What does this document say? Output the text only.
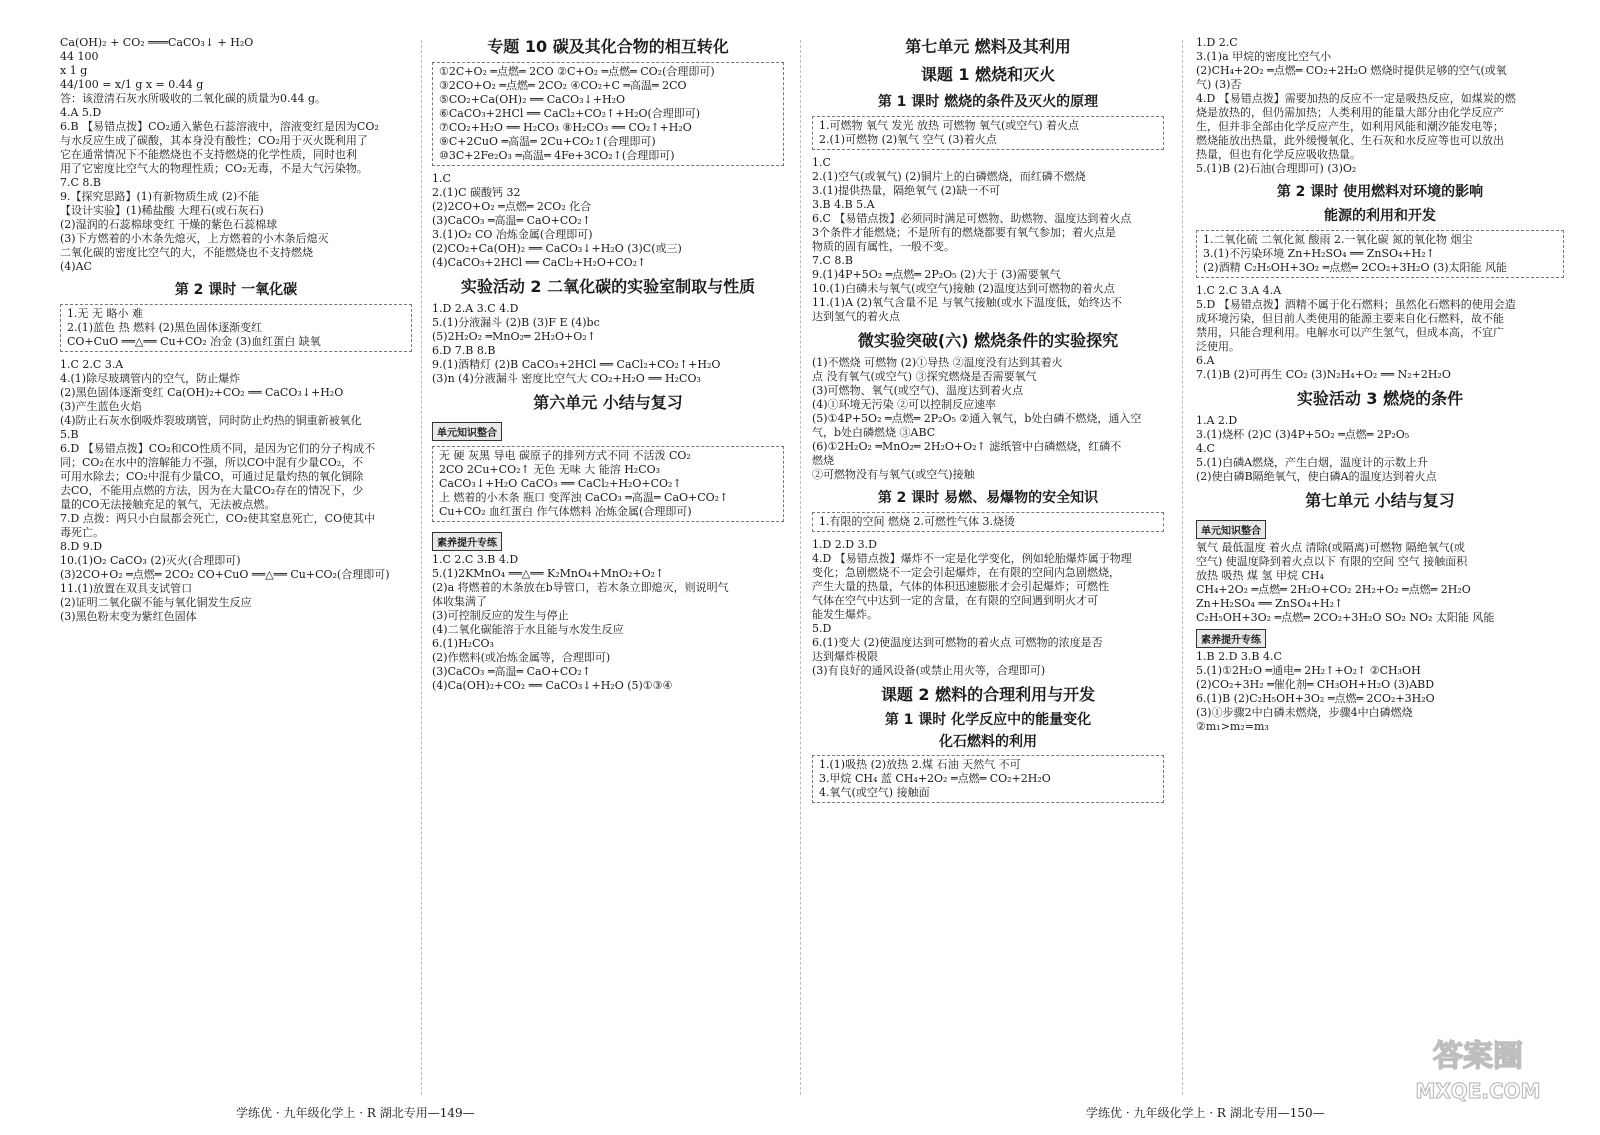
Ca(OH)₂ + CO₂ ═══CaCO₃↓ + H₂O
44 100
x 1 g
44/100 = x/1 g x = 0.44 g
答：该澄清石灰水所吸收的二氧化碳的质量为0.44 g。
4.A 5.D
6.B 【易错点拨】CO₂通入紫色石蕊溶液中，溶液变红是因为CO₂
与水反应生成了碳酸，其本身没有酸性；CO₂用于灭火既利用了
它在通常情况下不能燃烧也不支持燃烧的化学性质，同时也利
用了它密度比空气大的物理性质；CO₂无毒，不是大气污染物。
7.C 8.B
9.【探究思路】(1)有新物质生成 (2)不能
【设计实验】(1)稀盐酸 大理石(或石灰石)
(2)湿润的石蕊棉球变红 干燥的紫色石蕊棉球
(3)下方燃着的小木条先熄灭，上方燃着的小木条后熄灭
二氧化碳的密度比空气的大，不能燃烧也不支持燃烧
(4)AC
第 2 课时 一氧化碳
1.无 无 略小 难
2.(1)蓝色 热 燃料 (2)黑色固体逐渐变红
CO+CuO ══△══ Cu+CO₂ 冶金 (3)血红蛋白 缺氧
1.C 2.C 3.A
4.(1)除尽玻璃管内的空气，防止爆炸
(2)黑色固体逐渐变红 Ca(OH)₂+CO₂ ══ CaCO₃↓+H₂O
(3)产生蓝色火焰
(4)防止石灰水倒吸炸裂玻璃管，同时防止灼热的铜重新被氧化
5.B
6.D 【易错点拨】CO₂和CO性质不同，是因为它们的分子构成不
同；CO₂在水中的溶解能力不强，所以CO中混有少量CO₂，不
可用水除去；CO₂中混有少量CO，可通过足量灼热的氧化铜除
去CO，不能用点燃的方法，因为在大量CO₂存在的情况下，少
量的CO无法接触充足的氧气，无法被点燃。
7.D 点拨：两只小白鼠都会死亡，CO₂使其窒息死亡，CO使其中
毒死亡。
8.D 9.D
10.(1)O₂ CaCO₃ (2)灭火(合理即可)
(3)2CO+O₂ ═点燃═ 2CO₂ CO+CuO ══△══ Cu+CO₂(合理即可)
11.(1)放置在双具支试管口
(2)证明二氧化碳不能与氧化铜发生反应
(3)黑色粉末变为紫红色固体
专题 10 碳及其化合物的相互转化
①2C+O₂ ═点燃═ 2CO ②C+O₂ ═点燃═ CO₂(合理即可)
③2CO+O₂ ═点燃═ 2CO₂ ④CO₂+C ═高温═ 2CO
⑤CO₂+Ca(OH)₂ ══ CaCO₃↓+H₂O
⑥CaCO₃+2HCl ══ CaCl₂+CO₂↑+H₂O(合理即可)
⑦CO₂+H₂O ══ H₂CO₃ ⑧H₂CO₃ ══ CO₂↑+H₂O
⑨C+2CuO ═高温═ 2Cu+CO₂↑(合理即可)
⑩3C+2Fe₂O₃ ═高温═ 4Fe+3CO₂↑(合理即可)
1.C
2.(1)C 碳酸钙 32
(2)2CO+O₂ ═点燃═ 2CO₂ 化合
(3)CaCO₃ ═高温═ CaO+CO₂↑
3.(1)O₂ CO 冶炼金属(合理即可)
(2)CO₂+Ca(OH)₂ ══ CaCO₃↓+H₂O (3)C(或三)
(4)CaCO₃+2HCl ══ CaCl₂+H₂O+CO₂↑
实验活动 2 二氧化碳的实验室制取与性质
1.D 2.A 3.C 4.D
5.(1)分液漏斗 (2)B (3)F E (4)bc
(5)2H₂O₂ ═MnO₂═ 2H₂O+O₂↑
6.D 7.B 8.B
9.(1)酒精灯 (2)B CaCO₃+2HCl ══ CaCl₂+CO₂↑+H₂O
(3)n (4)分液漏斗 密度比空气大 CO₂+H₂O ══ H₂CO₃
第六单元 小结与复习
单元知识整合
无 硬 灰黑 导电 碳原子的排列方式不同 不活泼 CO₂
2CO 2Cu+CO₂↑ 无色 无味 大 能溶 H₂CO₃
CaCO₃↓+H₂O CaCO₃ ══ CaCl₂+H₂O+CO₂↑
上 燃着的小木条 瓶口 变浑浊 CaCO₃ ═高温═ CaO+CO₂↑
Cu+CO₂ 血红蛋白 作气体燃料 冶炼金属(合理即可)
素养提升专练
1.C 2.C 3.B 4.D
5.(1)2KMnO₄ ══△══ K₂MnO₄+MnO₂+O₂↑
(2)a 将燃着的木条放在b导管口，若木条立即熄灭，则说明气
体收集满了
(3)可控制反应的发生与停止
(4)二氧化碳能溶于水且能与水发生反应
6.(1)H₂CO₃
(2)作燃料(或冶炼金属等，合理即可)
(3)CaCO₃ ═高温═ CaO+CO₂↑
(4)Ca(OH)₂+CO₂ ══ CaCO₃↓+H₂O (5)①③④
第七单元 燃料及其利用
课题 1 燃烧和灭火
第 1 课时 燃烧的条件及灭火的原理
1.可燃物 氧气 发光 放热 可燃物 氧气(或空气) 着火点
2.(1)可燃物 (2)氧气 空气 (3)着火点
1.C
2.(1)空气(或氧气) (2)铜片上的白磷燃烧，而红磷不燃烧
3.(1)提供热量，隔绝氧气 (2)缺一不可
3.B 4.B 5.A
6.C 【易错点拨】必须同时满足可燃物、助燃物、温度达到着火点
3个条件才能燃烧；不是所有的燃烧都要有氧气参加；着火点是
物质的固有属性，一般不变。
7.C 8.B
9.(1)4P+5O₂ ═点燃═ 2P₂O₅ (2)大于 (3)需要氧气
10.(1)白磷未与氧气(或空气)接触 (2)温度达到可燃物的着火点
11.(1)A (2)氧气含量不足 与氧气接触(或水下温度低，始终达不
达到氢气的着火点
微实验突破(六) 燃烧条件的实验探究
(1)不燃烧 可燃物 (2)①导热 ②温度没有达到其着火
点 没有氧气(或空气) ③探究燃烧是否需要氧气
(3)可燃物、氧气(或空气)、温度达到着火点
(4)①环境无污染 ②可以控制反应速率
(5)①4P+5O₂ ═点燃═ 2P₂O₅ ②通入氧气，b处白磷不燃烧，通入空
气，b处白磷燃烧 ③ABC
(6)①2H₂O₂ ═MnO₂═ 2H₂O+O₂↑ 滤纸管中白磷燃烧，红磷不
燃烧
②可燃物没有与氧气(或空气)接触
第 2 课时 易燃、易爆物的安全知识
1.有限的空间 燃烧 2.可燃性气体 3.烧烫
1.D 2.D 3.D
4.D 【易错点拨】爆炸不一定是化学变化，例如轮胎爆炸属于物理
变化；急剧燃烧不一定会引起爆炸，在有限的空间内急剧燃烧，
产生大量的热量，气体的体积迅速膨胀才会引起爆炸；可燃性
气体在空气中达到一定的含量，在有限的空间遇到明火才可
能发生爆炸。
5.D
6.(1)变大 (2)使温度达到可燃物的着火点 可燃物的浓度是否
达到爆炸极限
(3)有良好的通风设备(或禁止用火等，合理即可)
课题 2 燃料的合理利用与开发
第 1 课时 化学反应中的能量变化
化石燃料的利用
1.(1)吸热 (2)放热 2.煤 石油 天然气 不可
3.甲烷 CH₄ 蓝 CH₄+2O₂ ═点燃═ CO₂+2H₂O
4.氧气(或空气) 接触面
1.D 2.C
3.(1)a 甲烷的密度比空气小
(2)CH₄+2O₂ ═点燃═ CO₂+2H₂O 燃烧时提供足够的空气(或氧
气) (3)否
4.D 【易错点拨】需要加热的反应不一定是吸热反应，如煤炭的燃
烧是放热的，但仍需加热；人类利用的能量大部分由化学反应产
生，但并非全部由化学反应产生，如利用风能和潮汐能发电等；
燃烧能放出热量，此外缓慢氧化、生石灰和水反应等也可以放出
热量，但也有化学反应吸收热量。
5.(1)B (2)石油(合理即可) (3)O₂
第 2 课时 使用燃料对环境的影响
能源的利用和开发
1.二氧化硫 二氧化氮 酸雨 2.一氧化碳 氮的氧化物 烟尘
3.(1)不污染环境 Zn+H₂SO₄ ══ ZnSO₄+H₂↑
(2)酒精 C₂H₅OH+3O₂ ═点燃═ 2CO₂+3H₂O (3)太阳能 风能
1.C 2.C 3.A 4.A
5.D 【易错点拨】酒精不属于化石燃料；虽然化石燃料的使用会造
成环境污染，但目前人类使用的能源主要来自化石燃料，故不能
禁用，只能合理利用。电解水可以产生氢气，但成本高，不宜广
泛使用。
6.A
7.(1)B (2)可再生 CO₂ (3)N₂H₄+O₂ ══ N₂+2H₂O
实验活动 3 燃烧的条件
1.A 2.D
3.(1)烧杯 (2)C (3)4P+5O₂ ═点燃═ 2P₂O₅
4.C
5.(1)白磷A燃烧，产生白烟，温度计的示数上升
(2)使白磷B隔绝氧气，使白磷A的温度达到着火点
第七单元 小结与复习
单元知识整合
氧气 最低温度 着火点 清除(或隔离)可燃物 隔绝氧气(或
空气) 使温度降到着火点以下 有限的空间 空气 接触面积
放热 吸热 煤 氢 甲烷 CH₄
CH₄+2O₂ ═点燃═ 2H₂O+CO₂ 2H₂+O₂ ═点燃═ 2H₂O
Zn+H₂SO₄ ══ ZnSO₄+H₂↑
C₂H₅OH+3O₂ ═点燃═ 2CO₂+3H₂O SO₂ NO₂ 太阳能 风能
素养提升专练
1.B 2.D 3.B 4.C
5.(1)①2H₂O ═通电═ 2H₂↑+O₂↑ ②CH₃OH
(2)CO₂+3H₂ ═催化剂═ CH₃OH+H₂O (3)ABD
6.(1)B (2)C₂H₅OH+3O₂ ═点燃═ 2CO₂+3H₂O
(3)①步骤2中白磷未燃烧，步骤4中白磷燃烧
②m₁>m₂=m₃
学练优 · 九年级化学上 · R 湖北专用—149—	学练优 · 九年级化学上 · R 湖北专用—150—
答案圈
MXQE.COM
